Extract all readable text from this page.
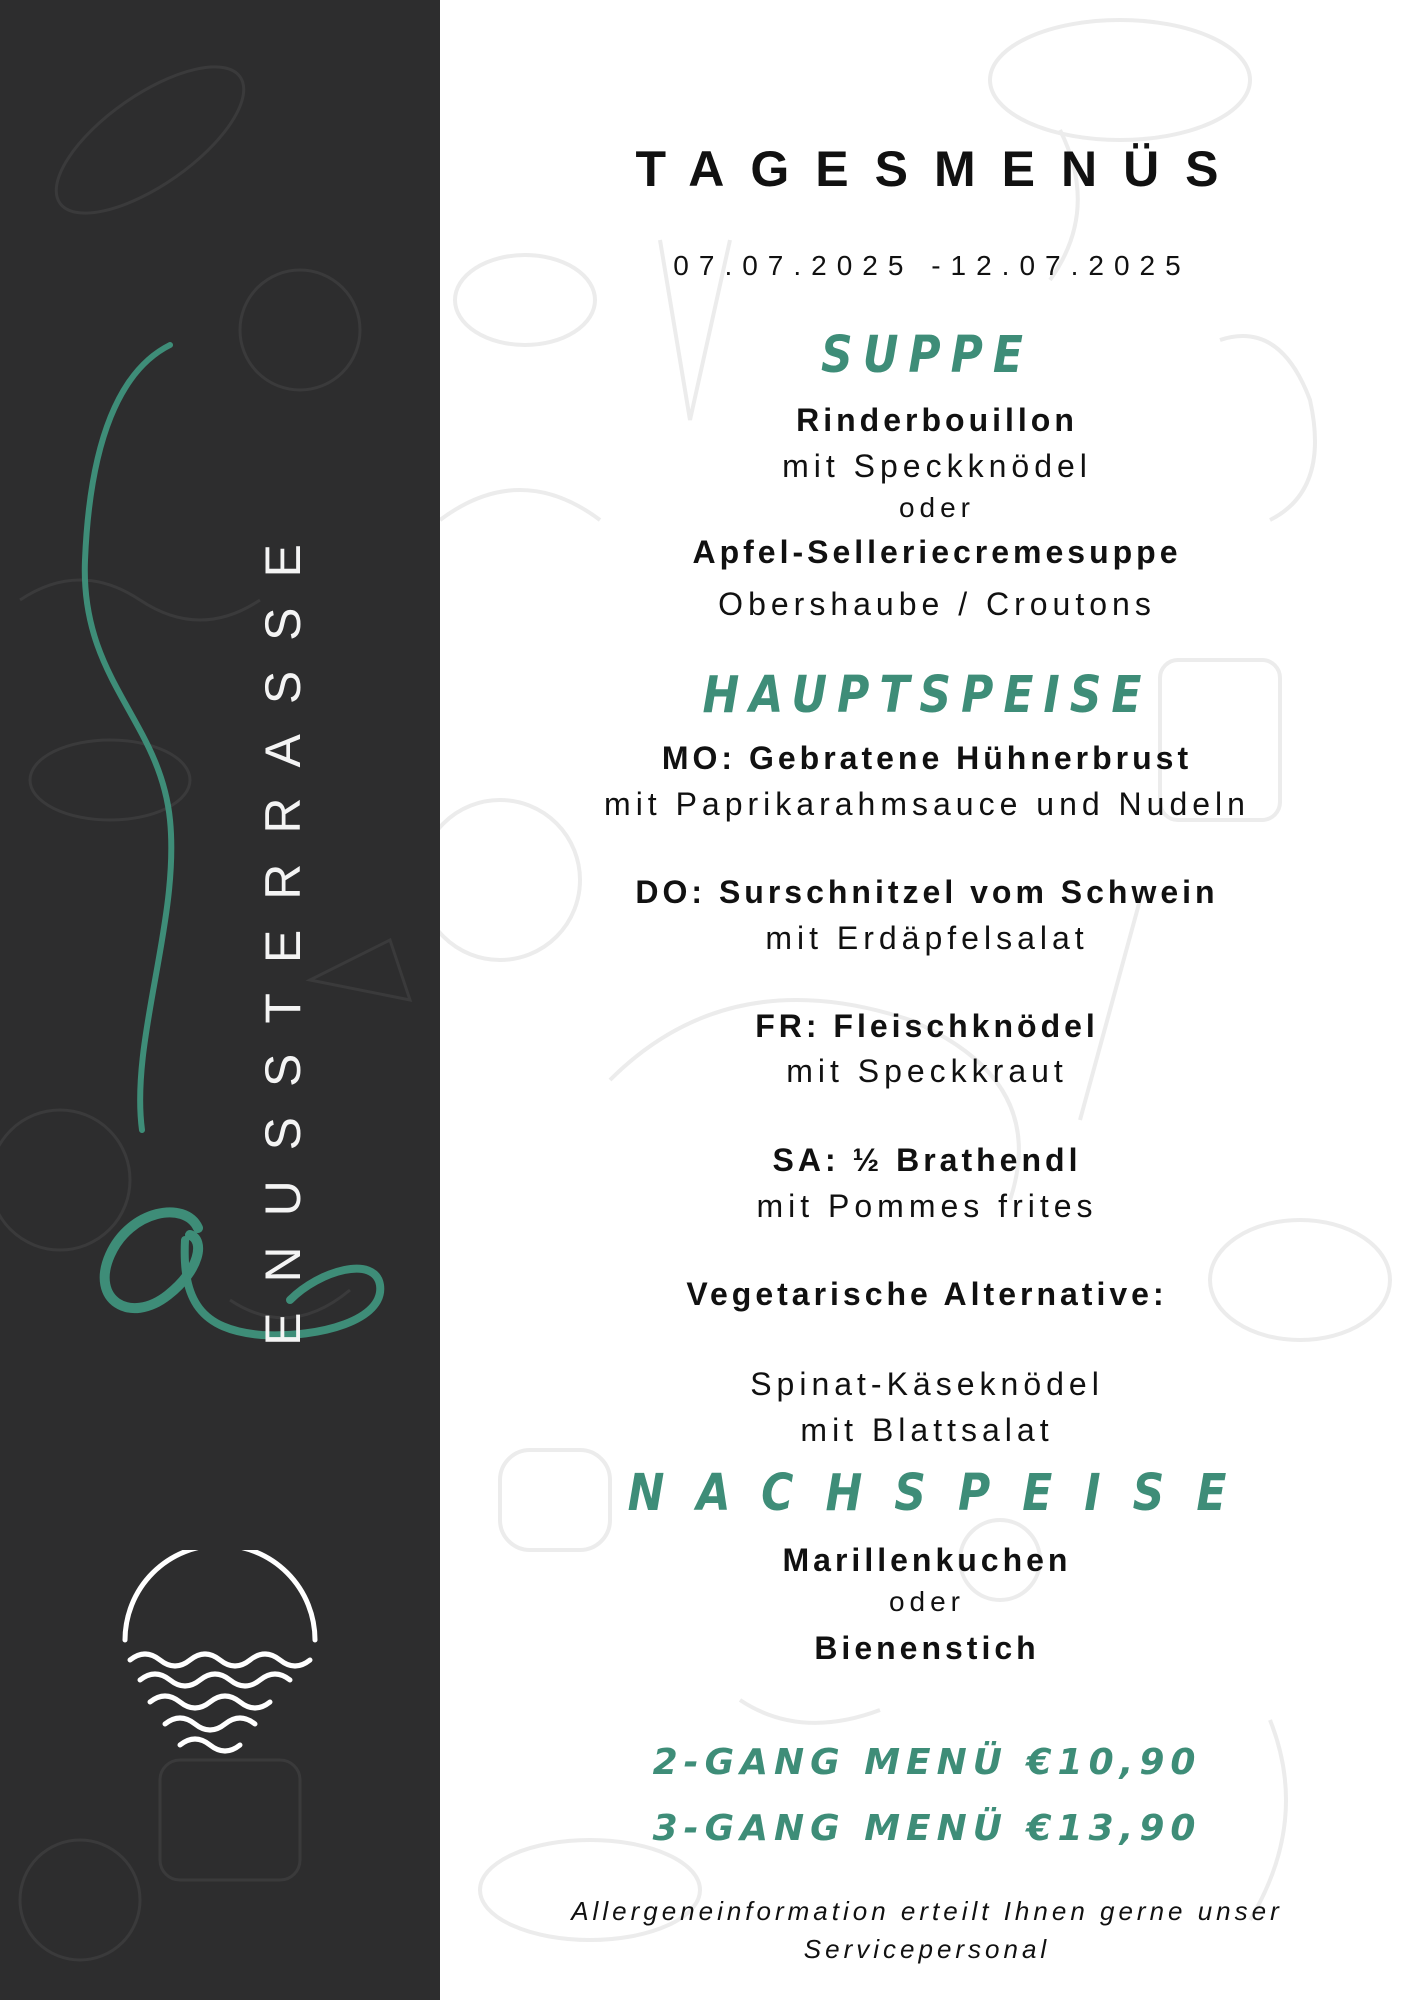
ENUSSTERRASSE
TAGESMENÜS
07.07.2025 -12.07.2025
SUPPE
Rinderbouillon
mit Speckknödel
oder
Apfel-Selleriecremesuppe
Obershaube / Croutons
HAUPTSPEISE
MO: Gebratene Hühnerbrust
mit Paprikarahmsauce und Nudeln
DO: Surschnitzel vom Schwein
mit Erdäpfelsalat
FR: Fleischknödel
mit Speckkraut
SA: ½ Brathendl
mit Pommes frites
Vegetarische Alternative:
Spinat-Käseknödel
mit Blattsalat
NACHSPEISE
Marillenkuchen
oder
Bienenstich
2-GANG MENÜ €10,90
3-GANG MENÜ €13,90
Allergeneinformation erteilt Ihnen gerne unser
Servicepersonal
